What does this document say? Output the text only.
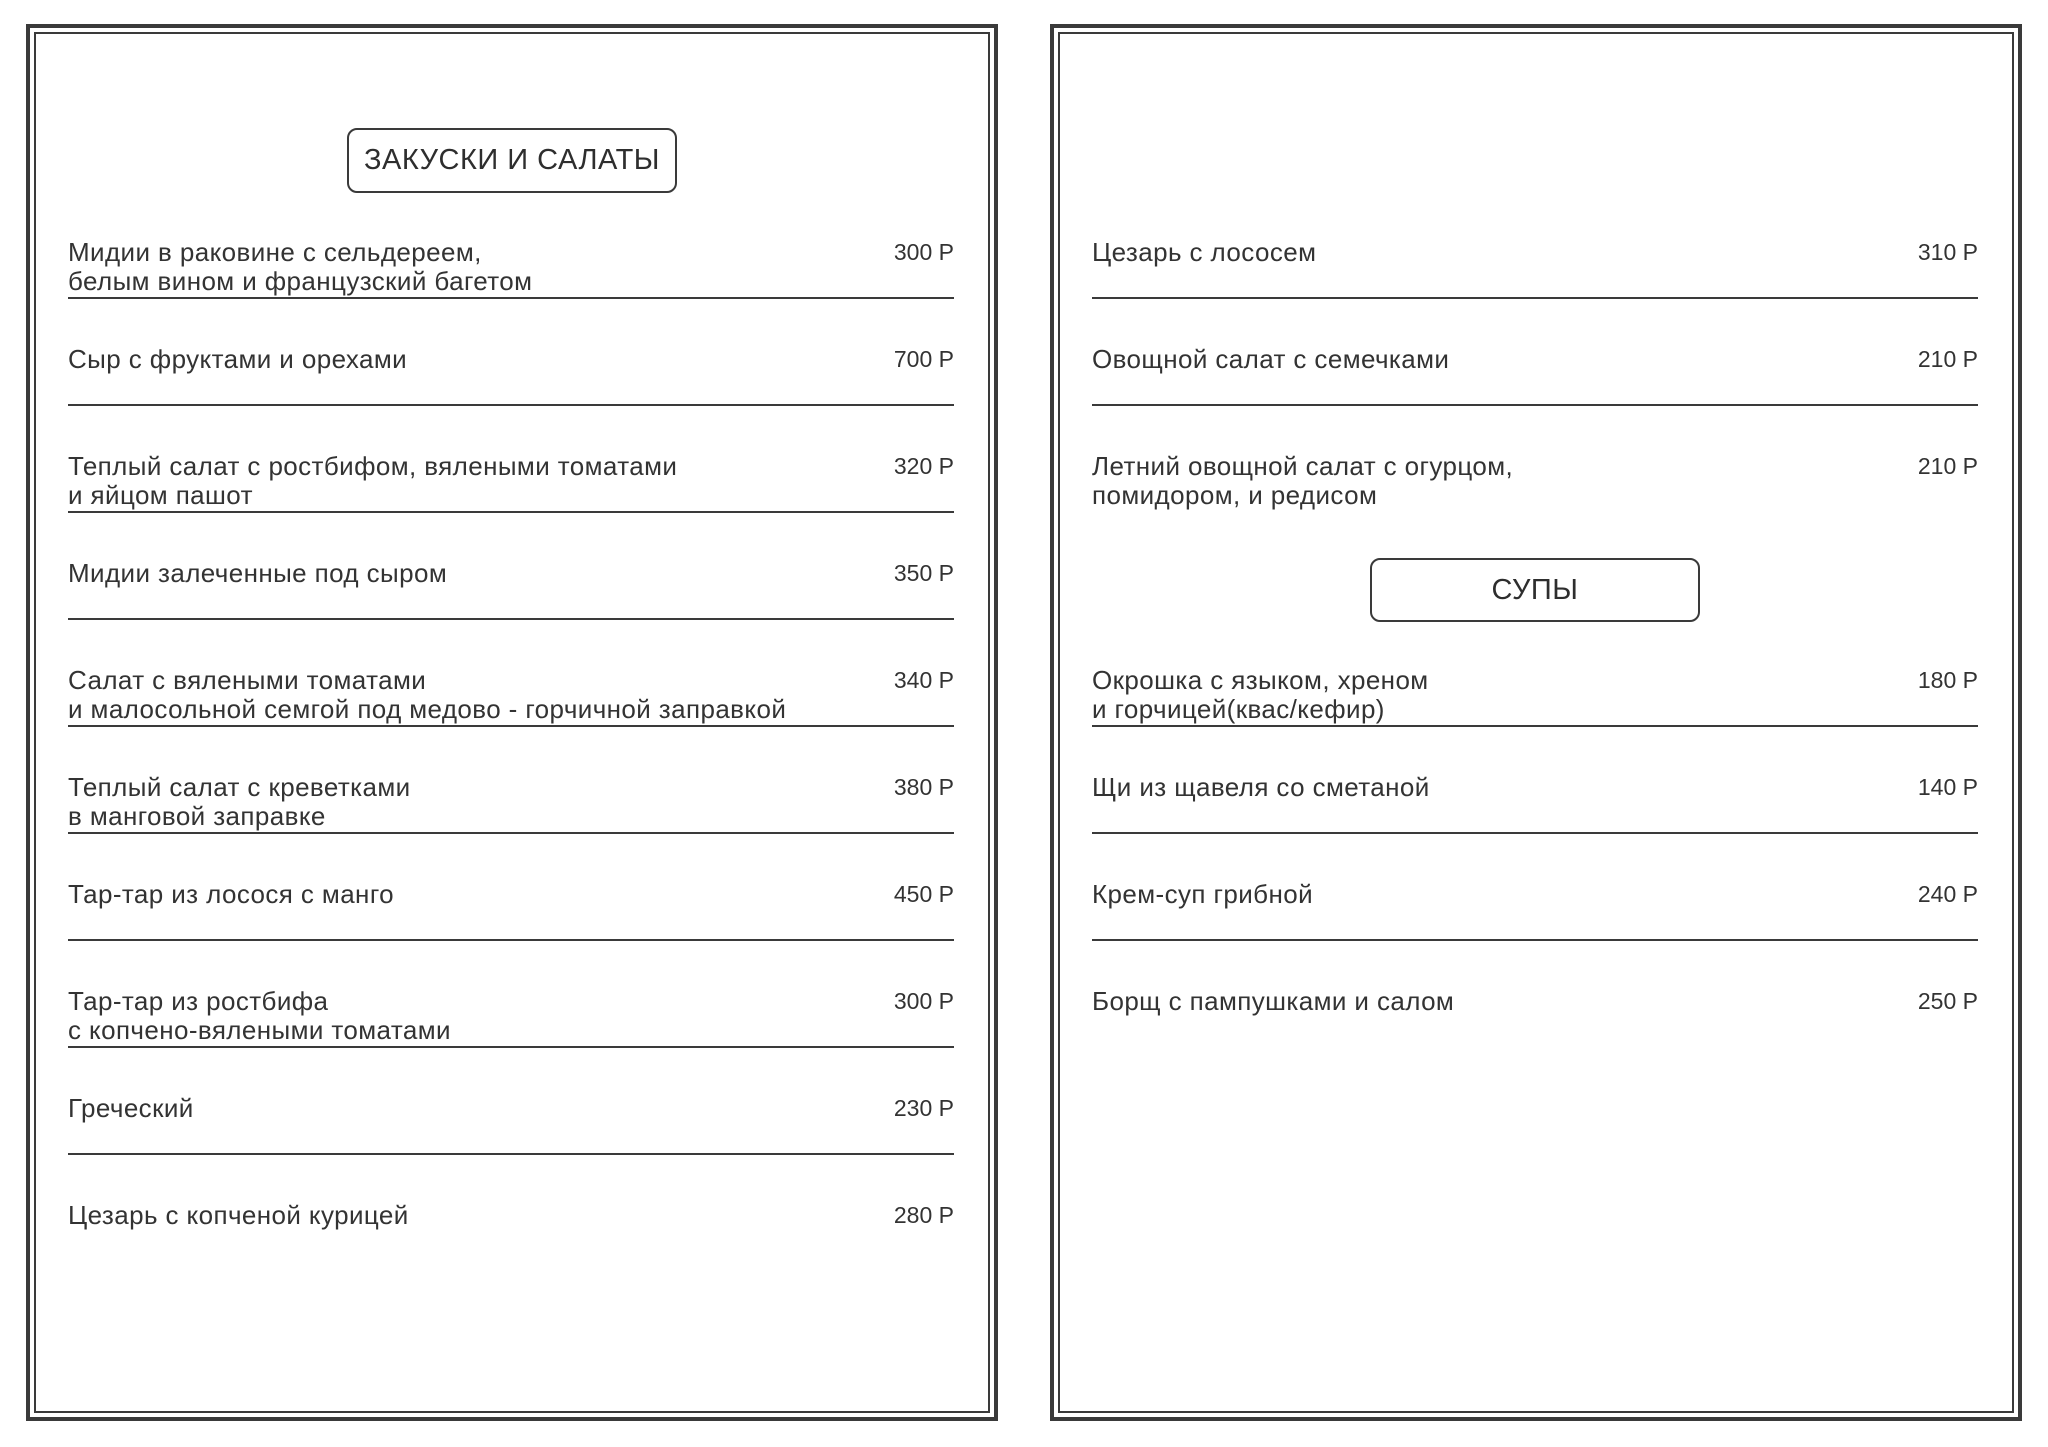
ЗАКУСКИ И САЛАТЫ
Мидии в раковине с сельдереем,
белым вином и французский багетом
300 Р
Сыр с фруктами и орехами	700 Р
Теплый салат с ростбифом, вялеными томатами
и яйцом пашот
320 Р
Мидии залеченные под сыром	350 Р
Салат с вялеными томатами
и малосольной семгой под медово - горчичной заправкой
340 Р
Теплый салат с креветками
в манговой заправке
380 Р
Тар-тар из лосося с манго	450 Р
Тар-тар из ростбифа
с копчено-вялеными томатами
300 Р
Греческий	230 Р
Цезарь с копченой курицей	280 Р
Цезарь с лососем	310 Р
Овощной салат с семечками	210 Р
Летний овощной салат с огурцом,
помидором, и редисом
210 Р
СУПЫ
Окрошка с языком, хреном
и горчицей(квас/кефир)
180 Р
Щи из щавеля со сметаной	140 Р
Крем-суп грибной	240 Р
Борщ с пампушками и салом	250 Р
